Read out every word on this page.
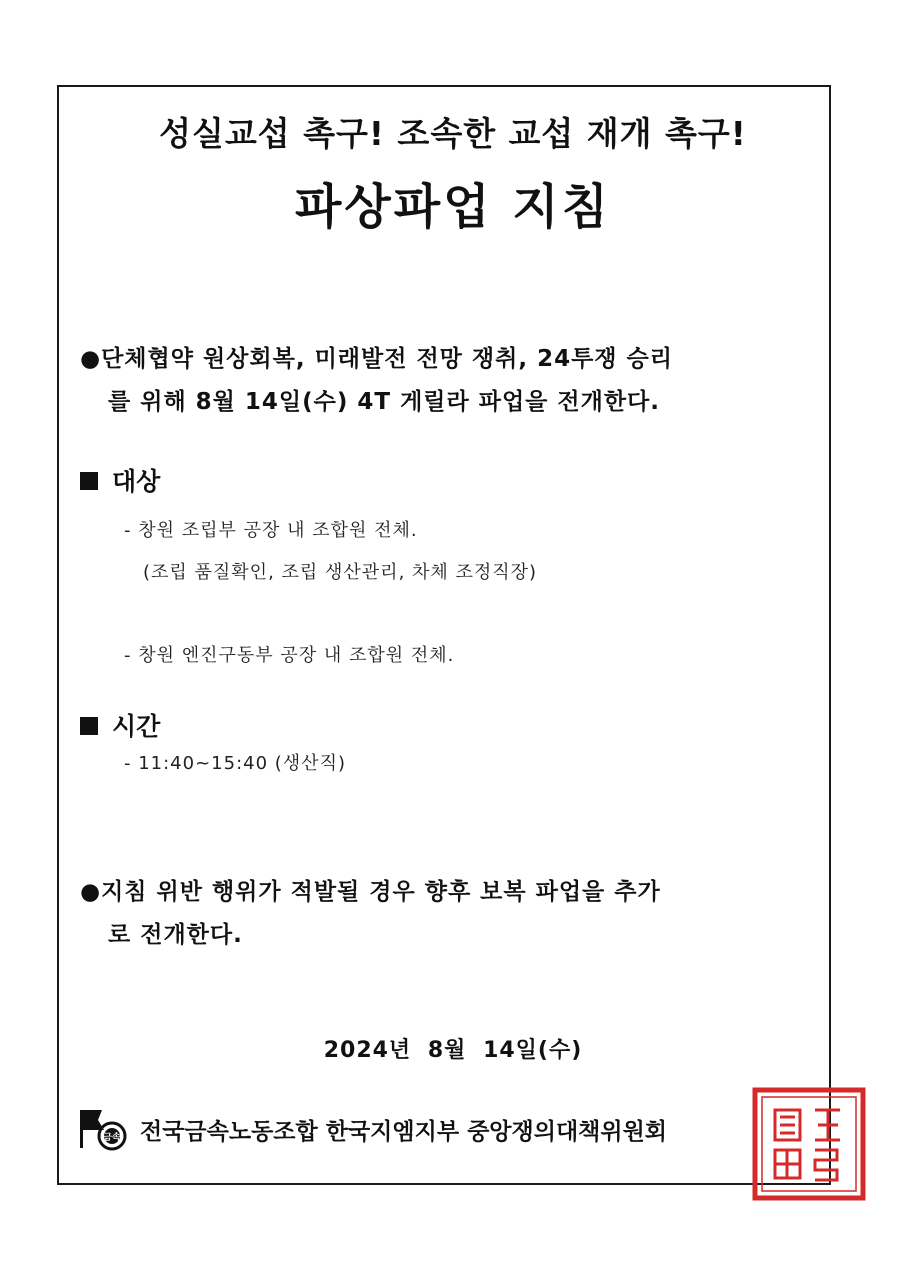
성실교섭 촉구! 조속한 교섭 재개 촉구!
파상파업 지침
●단체협약 원상회복, 미래발전 전망 쟁취, 24투쟁 승리
를 위해 8월 14일(수) 4T 게릴라 파업을 전개한다.
대상
- 창원 조립부 공장 내 조합원 전체.
(조립 품질확인, 조립 생산관리, 차체 조정직장)
- 창원 엔진구동부 공장 내 조합원 전체.
시간
- 11:40~15:40 (생산직)
●지침 위반 행위가 적발될 경우 향후 보복 파업을 추가
로 전개한다.
2024년 8월 14일(수)
금속 전국금속노동조합 한국지엠지부 중앙쟁의대책위원회
